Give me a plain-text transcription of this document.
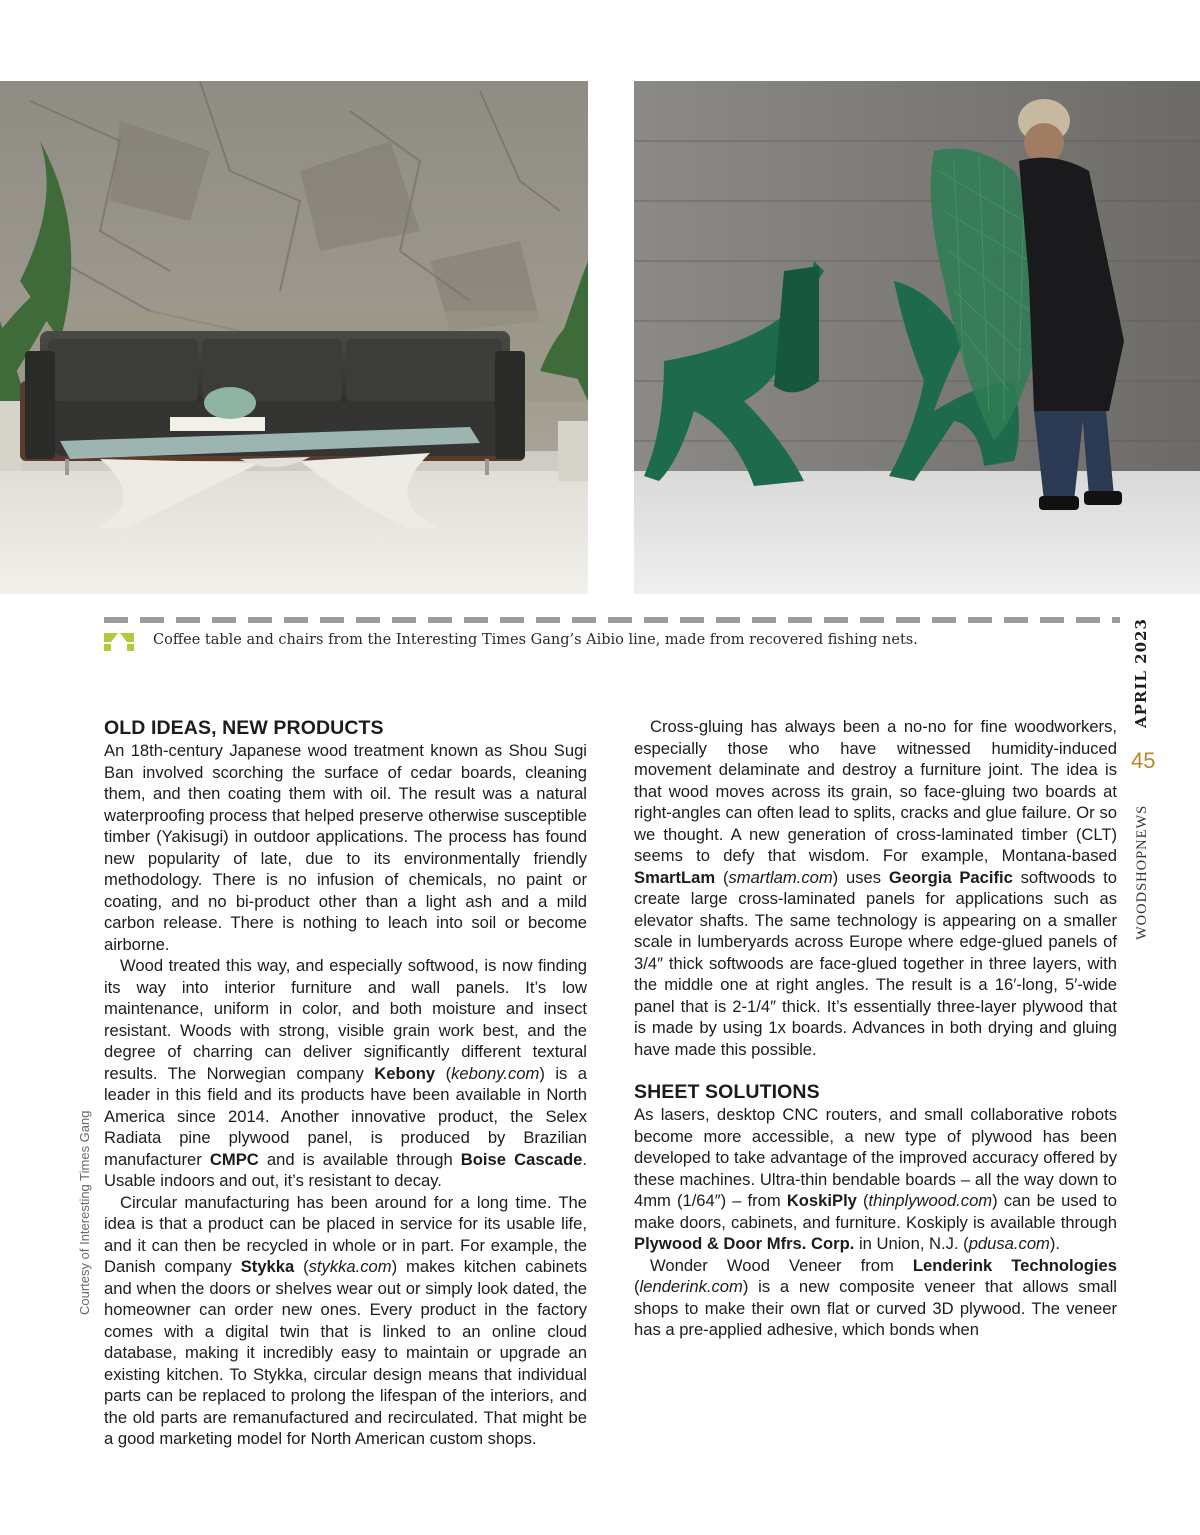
Coffee table and chairs from the Interesting Times Gang’s Aibio line, made from recovered fishing nets.	APRIL 2023
45
WOODSHOPNEWS
Courtesy of Interesting Times Gang
OLD IDEAS, NEW PRODUCTS

An 18th-century Japanese wood treatment known as Shou Sugi Ban involved scorching the surface of cedar boards, cleaning them, and then coating them with oil. The result was a natural waterproofing process that helped preserve otherwise susceptible timber (Yakisugi) in outdoor applications. The process has found new popularity of late, due to its environmentally friendly methodology. There is no infusion of chemicals, no paint or coating, and no bi-product other than a light ash and a mild carbon release. There is nothing to leach into soil or become airborne.

Wood treated this way, and especially softwood, is now finding its way into interior furniture and wall panels. It’s low maintenance, uniform in color, and both moisture and insect resistant. Woods with strong, visible grain work best, and the degree of charring can deliver significantly different textural results. The Norwegian company Kebony (kebony.com) is a leader in this field and its products have been available in North America since 2014. Another innovative product, the Selex Radiata pine plywood panel, is produced by Brazilian manufacturer CMPC and is available through Boise Cascade. Usable indoors and out, it’s resistant to decay.

Circular manufacturing has been around for a long time. The idea is that a product can be placed in service for its usable life, and it can then be recycled in whole or in part. For example, the Danish company Stykka (stykka.com) makes kitchen cabinets and when the doors or shelves wear out or simply look dated, the homeowner can order new ones. Every product in the factory comes with a digital twin that is linked to an online cloud database, making it incredibly easy to maintain or upgrade an existing kitchen. To Stykka, circular design means that individual parts can be replaced to prolong the lifespan of the interiors, and the old parts are remanufactured and recirculated. That might be a good marketing model for North American custom shops.

Cross-gluing has always been a no-no for fine woodworkers, especially those who have witnessed humidity-induced movement delaminate and destroy a furniture joint. The idea is that wood moves across its grain, so face-gluing two boards at right-angles can often lead to splits, cracks and glue failure. Or so we thought. A new generation of cross-laminated timber (CLT) seems to defy that wisdom. For example, Montana-based SmartLam (smartlam.com) uses Georgia Pacific softwoods to create large cross-laminated panels for applications such as elevator shafts. The same technology is appearing on a smaller scale in lumberyards across Europe where edge-glued panels of 3/4″ thick softwoods are face-glued together in three layers, with the middle one at right angles. The result is a 16′-long, 5′-wide panel that is 2-1/4″ thick. It’s essentially three-layer plywood that is made by using 1x boards. Advances in both drying and gluing have made this possible.

SHEET SOLUTIONS

As lasers, desktop CNC routers, and small collaborative robots become more accessible, a new type of plywood has been developed to take advantage of the improved accuracy offered by these machines. Ultra-thin bendable boards – all the way down to 4mm (1/64″) – from KoskiPly (thinplywood.com) can be used to make doors, cabinets, and furniture. Koskiply is available through Plywood & Door Mfrs. Corp. in Union, N.J. (pdusa.com).

Wonder Wood Veneer from Lenderink Technologies (lenderink.com) is a new composite veneer that allows small shops to make their own flat or curved 3D plywood. The veneer has a pre-applied adhesive, which bonds when
